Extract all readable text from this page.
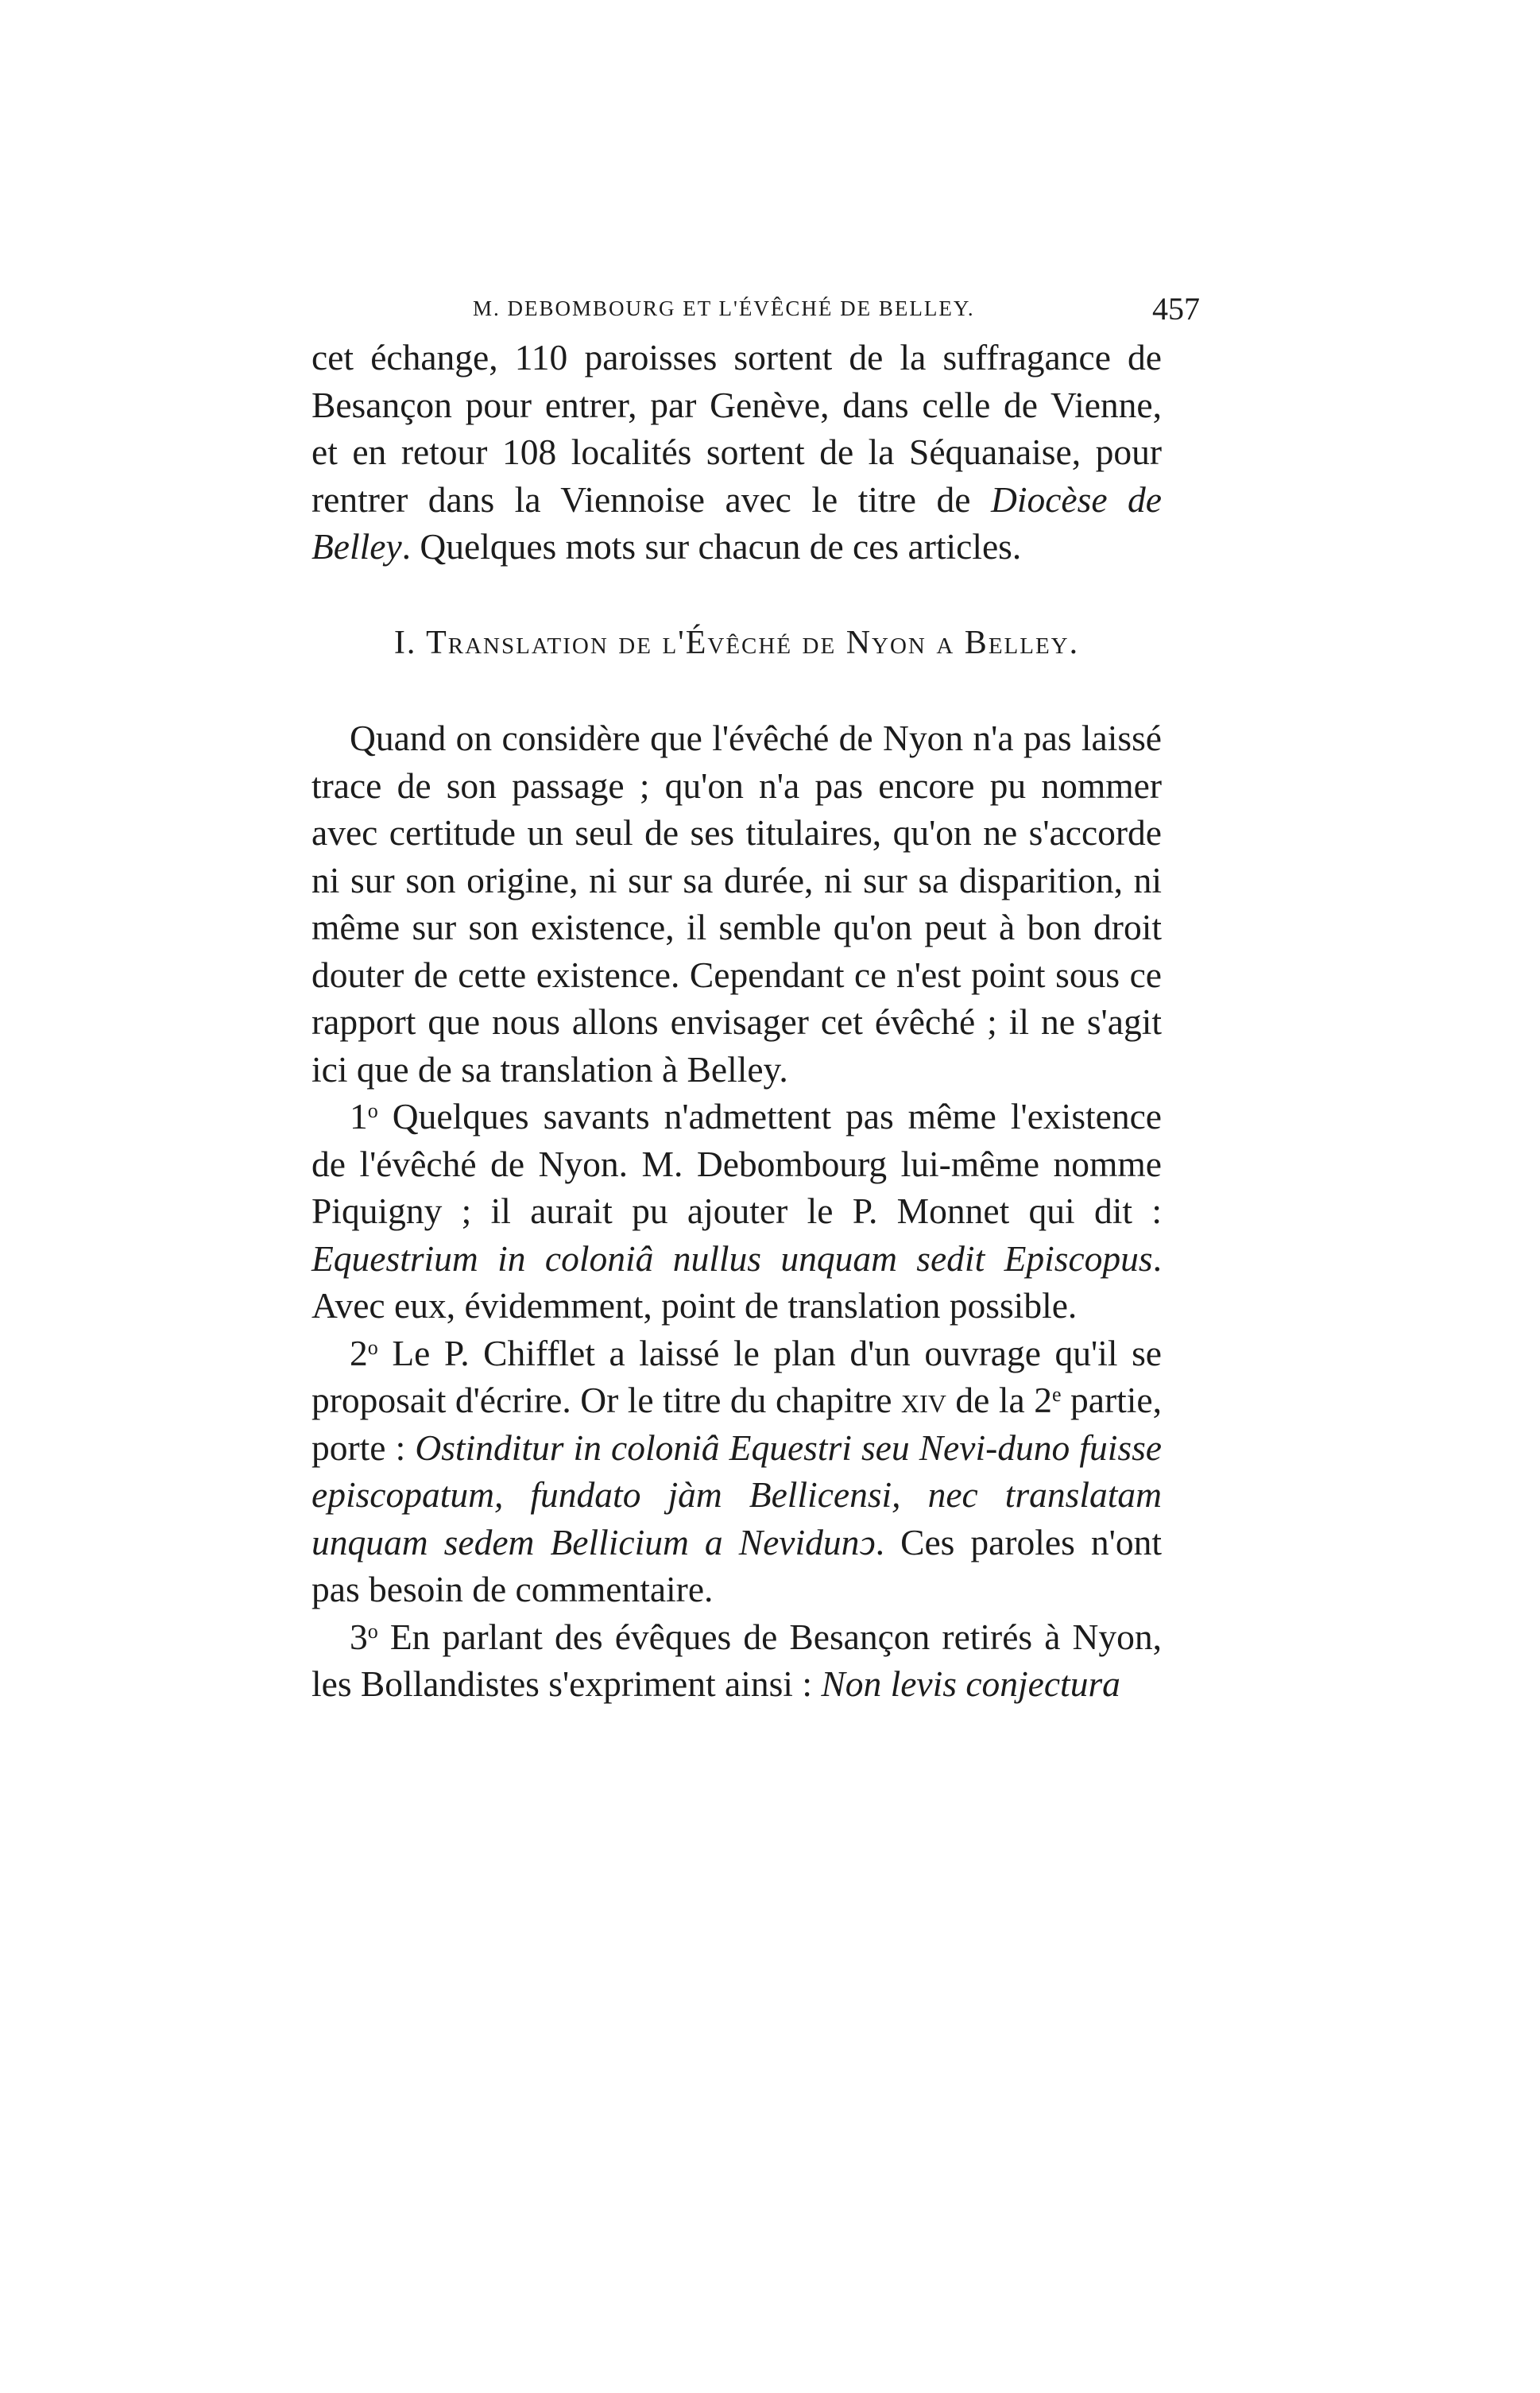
M. DEBOMBOURG ET L'ÉVÊCHÉ DE BELLEY.	457

cet échange, 110 paroisses sortent de la suffragance de Besançon pour entrer, par Genève, dans celle de Vienne, et en retour 108 localités sortent de la Séquanaise, pour rentrer dans la Viennoise avec le titre de Diocèse de Belley. Quelques mots sur chacun de ces articles.

I. Translation de l'Évêché de Nyon a Belley.

Quand on considère que l'évêché de Nyon n'a pas laissé trace de son passage ; qu'on n'a pas encore pu nommer avec certitude un seul de ses titulaires, qu'on ne s'accorde ni sur son origine, ni sur sa durée, ni sur sa disparition, ni même sur son existence, il semble qu'on peut à bon droit douter de cette existence. Cependant ce n'est point sous ce rapport que nous allons envisager cet évêché ; il ne s'agit ici que de sa translation à Belley.

1$^o$ Quelques savants n'admettent pas même l'existence de l'évêché de Nyon. M. Debombourg lui-même nomme Piquigny ; il aurait pu ajouter le P. Monnet qui dit : Equestrium in coloniâ nullus unquam sedit Episcopus. Avec eux, évidemment, point de translation possible.

2$^o$ Le P. Chifflet a laissé le plan d'un ouvrage qu'il se proposait d'écrire. Or le titre du chapitre xiv de la 2e partie, porte : Ostinditur in coloniâ Equestri seu Nevi-duno fuisse episcopatum, fundato jàm Bellicensi, nec translatam unquam sedem Bellicium a Nevidunↄ. Ces paroles n'ont pas besoin de commentaire.

3$^o$ En parlant des évêques de Besançon retirés à Nyon, les Bollandistes s'expriment ainsi : Non levis conjectura
